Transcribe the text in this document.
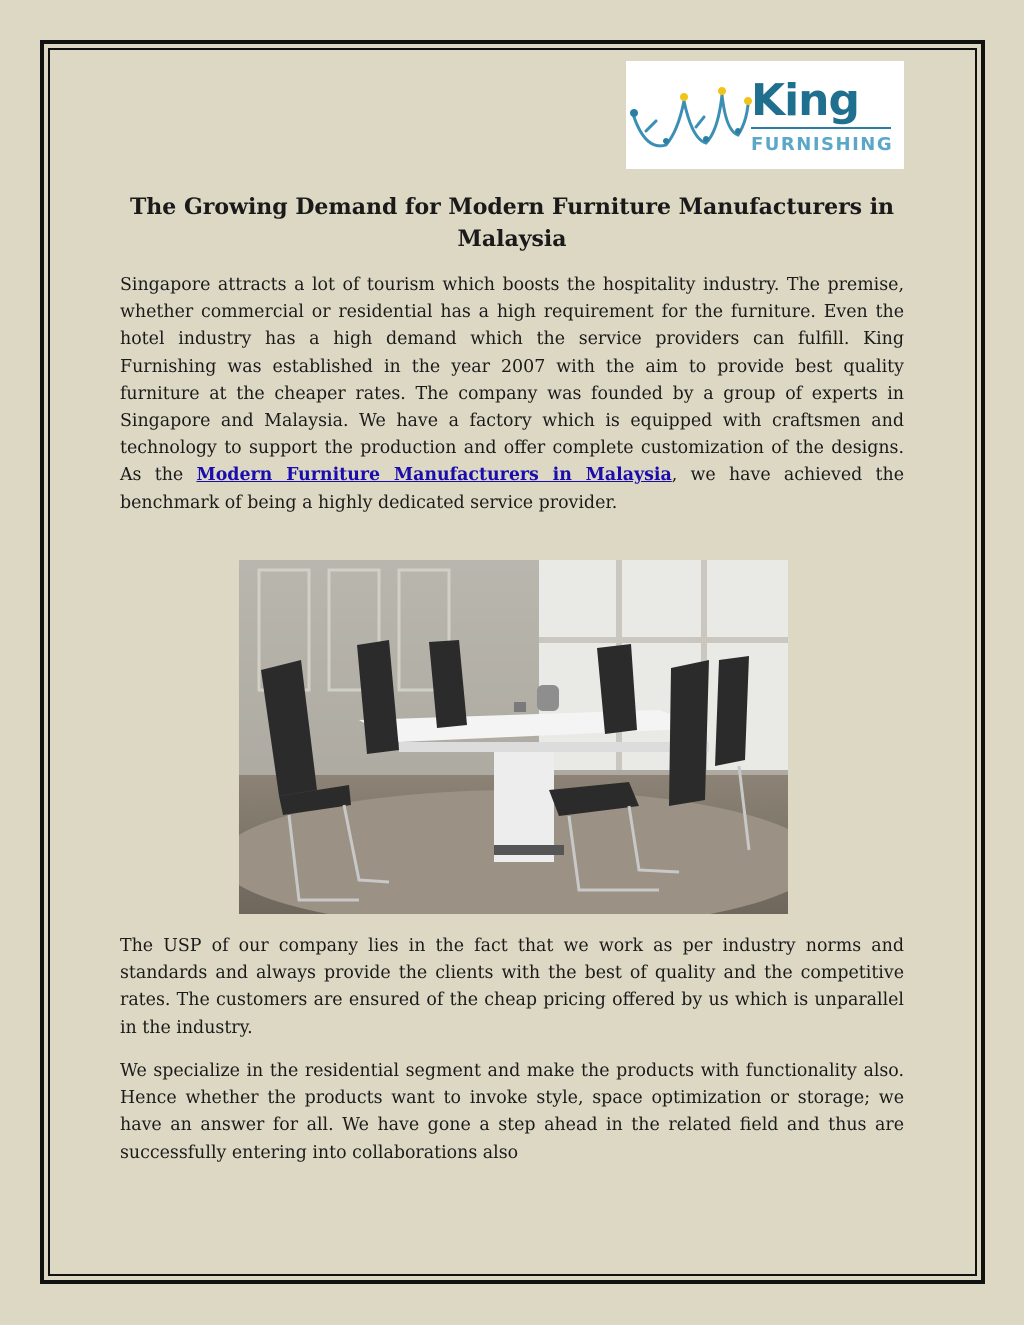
King
FURNISHING
The Growing Demand for Modern Furniture Manufacturers in Malaysia

Singapore attracts a lot of tourism which boosts the hospitality industry. The premise, whether commercial or residential has a high requirement for the furniture. Even the hotel industry has a high demand which the service providers can fulfill. King Furnishing was established in the year 2007 with the aim to provide best quality furniture at the cheaper rates. The company was founded by a group of experts in Singapore and Malaysia. We have a factory which is equipped with craftsmen and technology to support the production and offer complete customization of the designs. As the Modern Furniture Manufacturers in Malaysia, we have achieved the benchmark of being a highly dedicated service provider.

The USP of our company lies in the fact that we work as per industry norms and standards and always provide the clients with the best of quality and the competitive rates. The customers are ensured of the cheap pricing offered by us which is unparallel in the industry.

We specialize in the residential segment and make the products with functionality also. Hence whether the products want to invoke style, space optimization or storage; we have an answer for all. We have gone a step ahead in the related field and thus are successfully entering into collaborations also
